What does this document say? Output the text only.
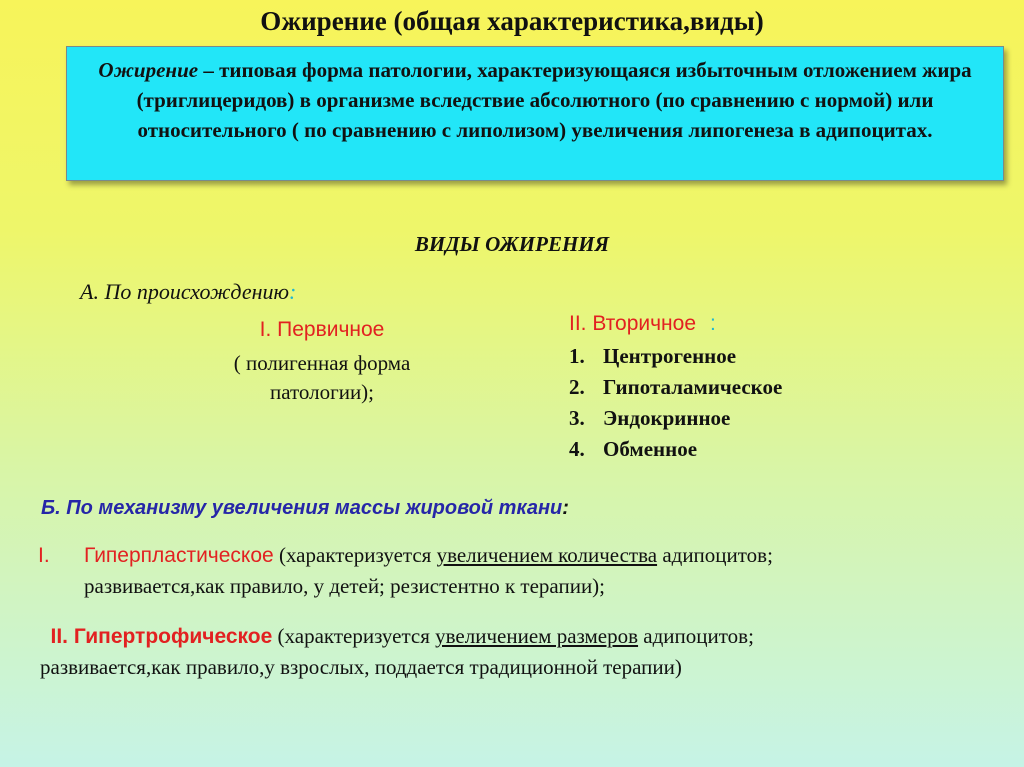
Ожирение (общая характеристика,виды)
Ожирение – типовая форма патологии, характеризующаяся избыточным отложением жира (триглицеридов) в организме вследствие абсолютного (по сравнению с нормой) или относительного ( по сравнению с липолизом) увеличения липогенеза в адипоцитах.
ВИДЫ ОЖИРЕНИЯ
А. По происхождению:
I. Первичное
( полигенная форма патологии);
II. Вторичное :
1. Центрогенное
2. Гипоталамическое
3. Эндокринное
4. Обменное
Б. По механизму увеличения массы жировой ткани:
I. Гиперпластическое (характеризуется увеличением количества адипоцитов;
развивается,как правило, у детей; резистентно к терапии);
II. Гипертрофическое (характеризуется увеличением размеров адипоцитов;
развивается,как правило,у взрослых, поддается традиционной терапии)
